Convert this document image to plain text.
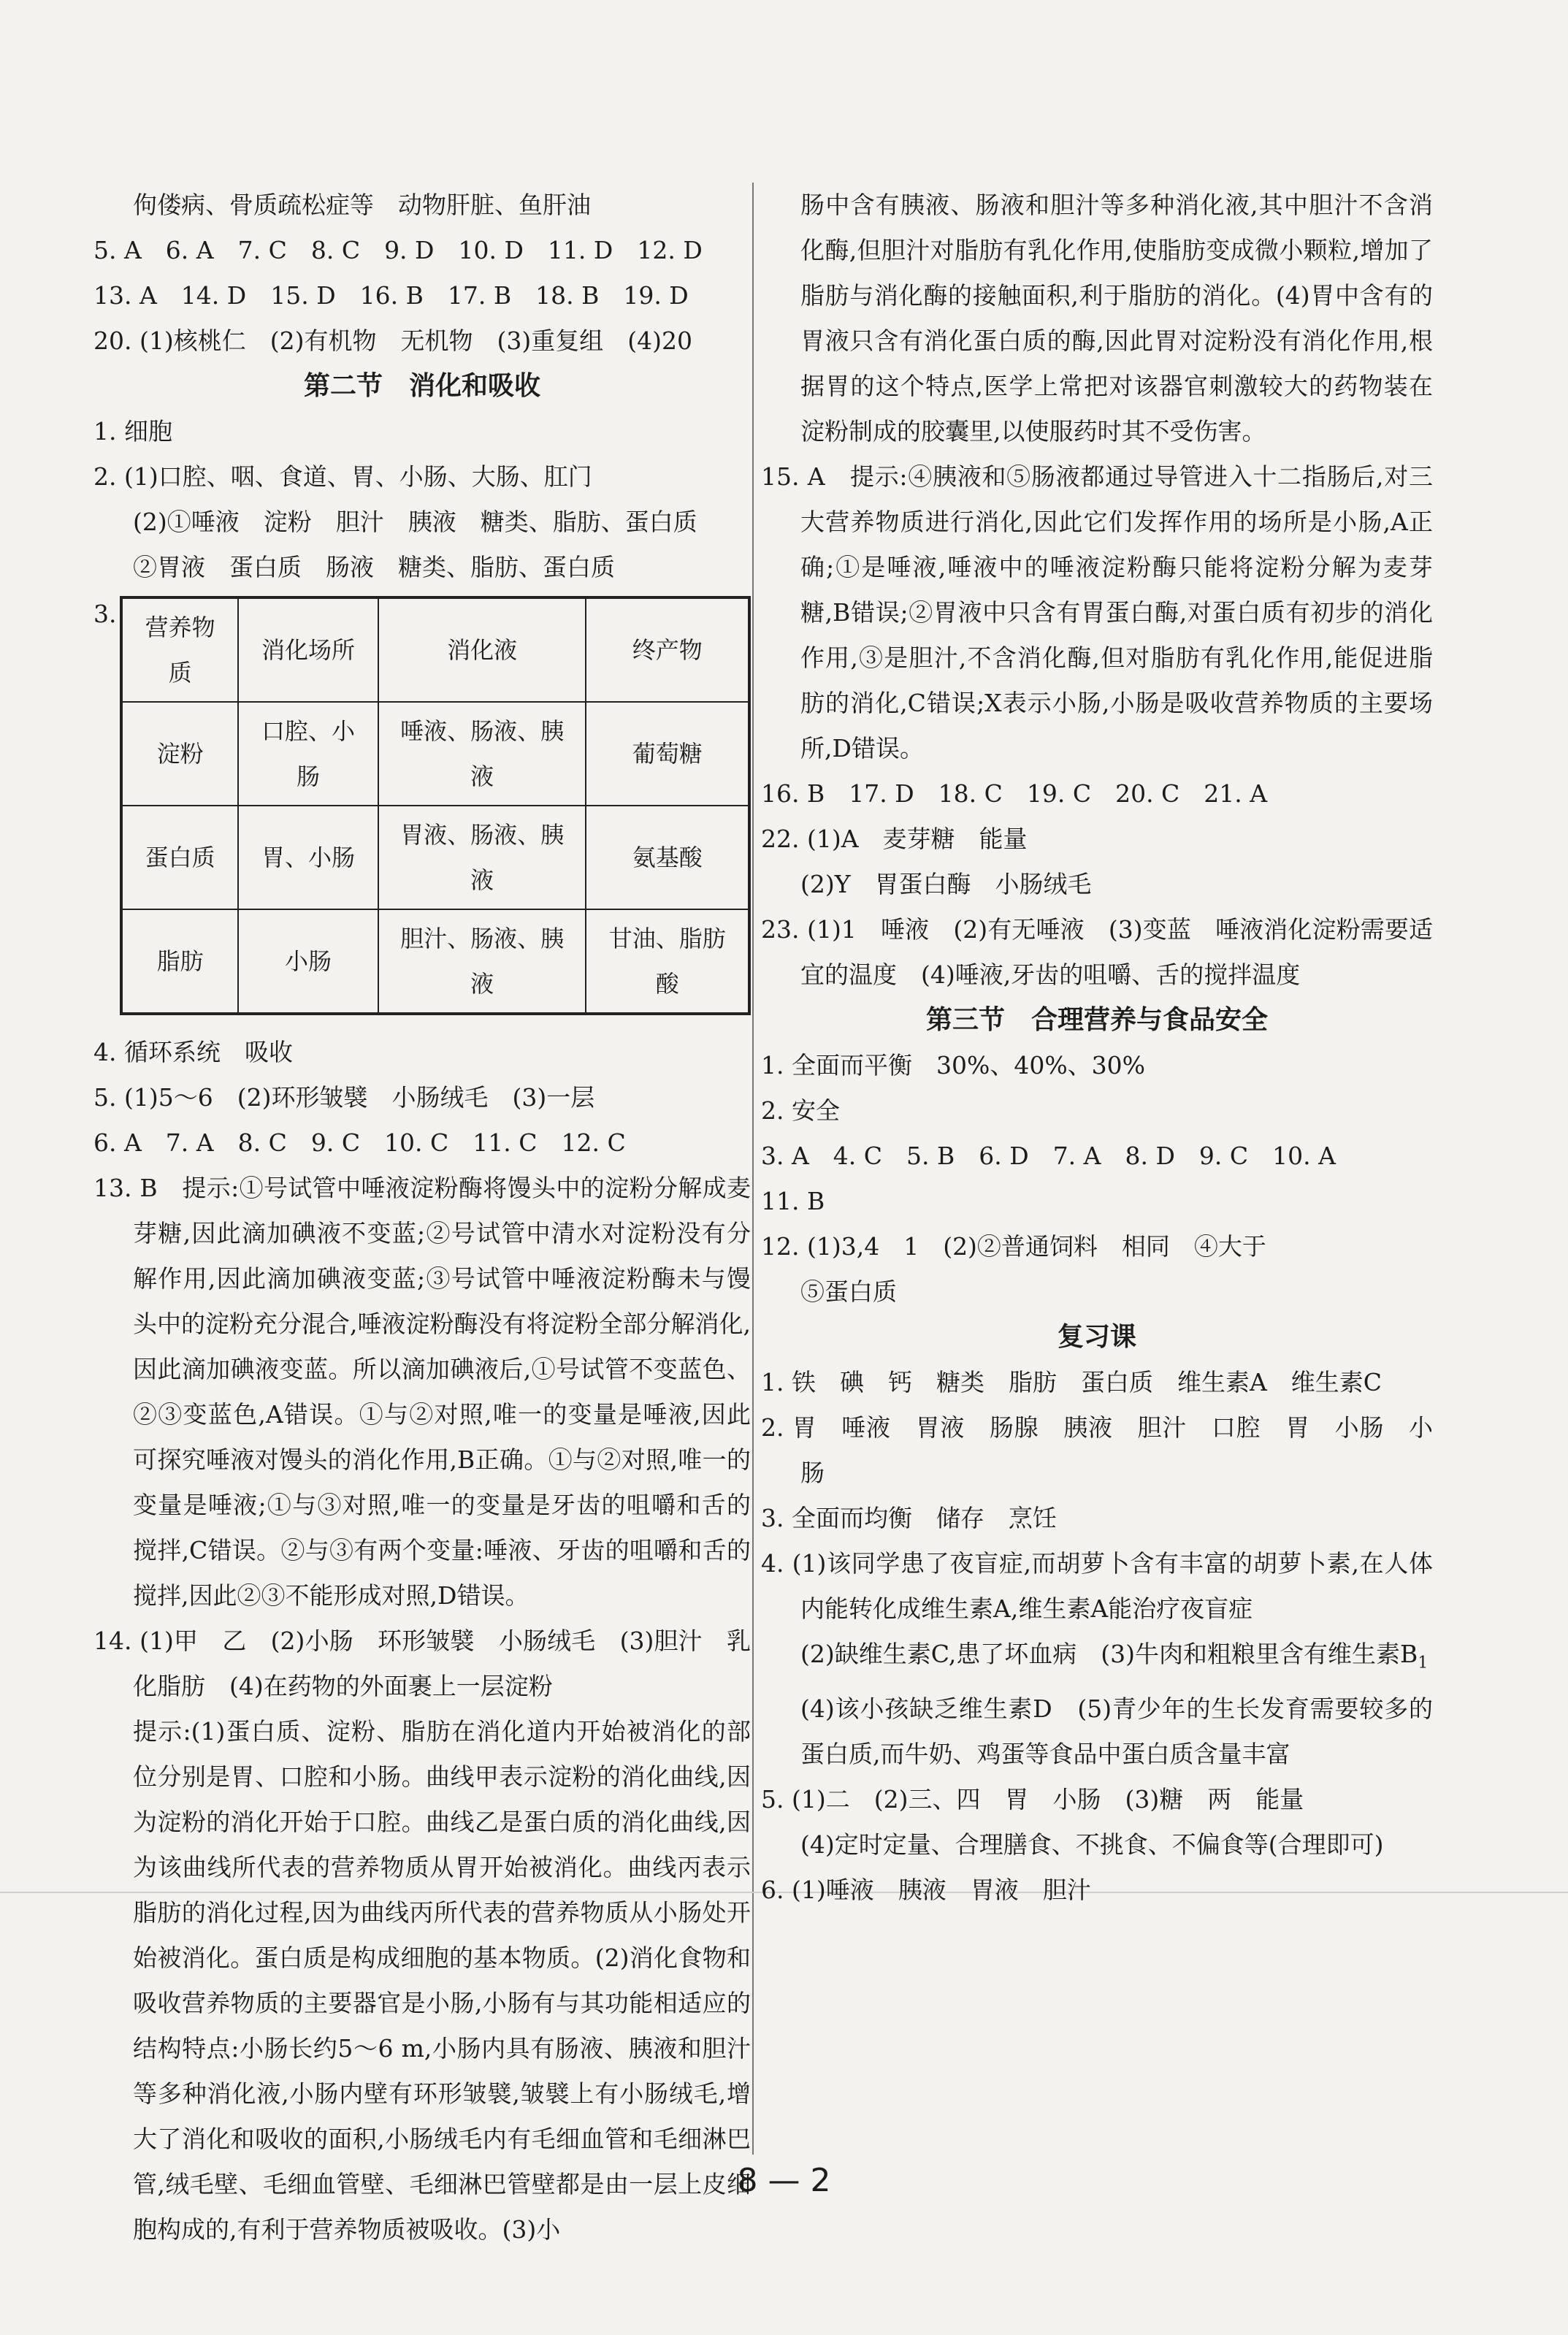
佝偻病、骨质疏松症等　动物肝脏、鱼肝油
5. A　6. A　7. C　8. C　9. D　10. D　11. D　12. D
13. A　14. D　15. D　16. B　17. B　18. B　19. D
20. (1)核桃仁　(2)有机物　无机物　(3)重复组　(4)20
第二节　消化和吸收
1. 细胞
2. (1)口腔、咽、食道、胃、小肠、大肠、肛门
(2)①唾液　淀粉　胆汁　胰液　糖类、脂肪、蛋白质
②胃液　蛋白质　肠液　糖类、脂肪、蛋白质
3. 营养物质	消化场所	消化液	终产物
淀粉	口腔、小肠	唾液、肠液、胰液	葡萄糖
蛋白质	胃、小肠	胃液、肠液、胰液	氨基酸
脂肪	小肠	胆汁、肠液、胰液	甘油、脂肪酸
4. 循环系统　吸收
5. (1)5～6　(2)环形皱襞　小肠绒毛　(3)一层
6. A　7. A　8. C　9. C　10. C　11. C　12. C
13. B　提示:①号试管中唾液淀粉酶将馒头中的淀粉分解成麦芽糖,因此滴加碘液不变蓝;②号试管中清水对淀粉没有分解作用,因此滴加碘液变蓝;③号试管中唾液淀粉酶未与馒头中的淀粉充分混合,唾液淀粉酶没有将淀粉全部分解消化,因此滴加碘液变蓝。所以滴加碘液后,①号试管不变蓝色、②③变蓝色,A错误。①与②对照,唯一的变量是唾液,因此可探究唾液对馒头的消化作用,B正确。①与②对照,唯一的变量是唾液;①与③对照,唯一的变量是牙齿的咀嚼和舌的搅拌,C错误。②与③有两个变量:唾液、牙齿的咀嚼和舌的搅拌,因此②③不能形成对照,D错误。
14. (1)甲　乙　(2)小肠　环形皱襞　小肠绒毛　(3)胆汁　乳化脂肪　(4)在药物的外面裹上一层淀粉
提示:(1)蛋白质、淀粉、脂肪在消化道内开始被消化的部位分别是胃、口腔和小肠。曲线甲表示淀粉的消化曲线,因为淀粉的消化开始于口腔。曲线乙是蛋白质的消化曲线,因为该曲线所代表的营养物质从胃开始被消化。曲线丙表示脂肪的消化过程,因为曲线丙所代表的营养物质从小肠处开始被消化。蛋白质是构成细胞的基本物质。(2)消化食物和吸收营养物质的主要器官是小肠,小肠有与其功能相适应的结构特点:小肠长约5～6 m,小肠内具有肠液、胰液和胆汁等多种消化液,小肠内壁有环形皱襞,皱襞上有小肠绒毛,增大了消化和吸收的面积,小肠绒毛内有毛细血管和毛细淋巴管,绒毛壁、毛细血管壁、毛细淋巴管壁都是由一层上皮细胞构成的,有利于营养物质被吸收。(3)小
肠中含有胰液、肠液和胆汁等多种消化液,其中胆汁不含消化酶,但胆汁对脂肪有乳化作用,使脂肪变成微小颗粒,增加了脂肪与消化酶的接触面积,利于脂肪的消化。(4)胃中含有的胃液只含有消化蛋白质的酶,因此胃对淀粉没有消化作用,根据胃的这个特点,医学上常把对该器官刺激较大的药物装在淀粉制成的胶囊里,以使服药时其不受伤害。
15. A　提示:④胰液和⑤肠液都通过导管进入十二指肠后,对三大营养物质进行消化,因此它们发挥作用的场所是小肠,A正确;①是唾液,唾液中的唾液淀粉酶只能将淀粉分解为麦芽糖,B错误;②胃液中只含有胃蛋白酶,对蛋白质有初步的消化作用,③是胆汁,不含消化酶,但对脂肪有乳化作用,能促进脂肪的消化,C错误;X表示小肠,小肠是吸收营养物质的主要场所,D错误。
16. B　17. D　18. C　19. C　20. C　21. A
22. (1)A　麦芽糖　能量
(2)Y　胃蛋白酶　小肠绒毛
23. (1)1　唾液　(2)有无唾液　(3)变蓝　唾液消化淀粉需要适宜的温度　(4)唾液,牙齿的咀嚼、舌的搅拌温度
第三节　合理营养与食品安全
1. 全面而平衡　30%、40%、30%
2. 安全
3. A　4. C　5. B　6. D　7. A　8. D　9. C　10. A
11. B
12. (1)3,4　1　(2)②普通饲料　相同　④大于
⑤蛋白质
复习课
1. 铁　碘　钙　糖类　脂肪　蛋白质　维生素A　维生素C
2. 胃　唾液　胃液　肠腺　胰液　胆汁　口腔　胃　小肠　小肠
3. 全面而均衡　储存　烹饪
4. (1)该同学患了夜盲症,而胡萝卜含有丰富的胡萝卜素,在人体内能转化成维生素A,维生素A能治疗夜盲症
(2)缺维生素C,患了坏血病　(3)牛肉和粗粮里含有维生素$B_1$　(4)该小孩缺乏维生素D　(5)青少年的生长发育需要较多的蛋白质,而牛奶、鸡蛋等食品中蛋白质含量丰富
5. (1)二　(2)三、四　胃　小肠　(3)糖　两　能量
(4)定时定量、合理膳食、不挑食、不偏食等(合理即可)
6. (1)唾液　胰液　胃液　胆汁
8 — 2
